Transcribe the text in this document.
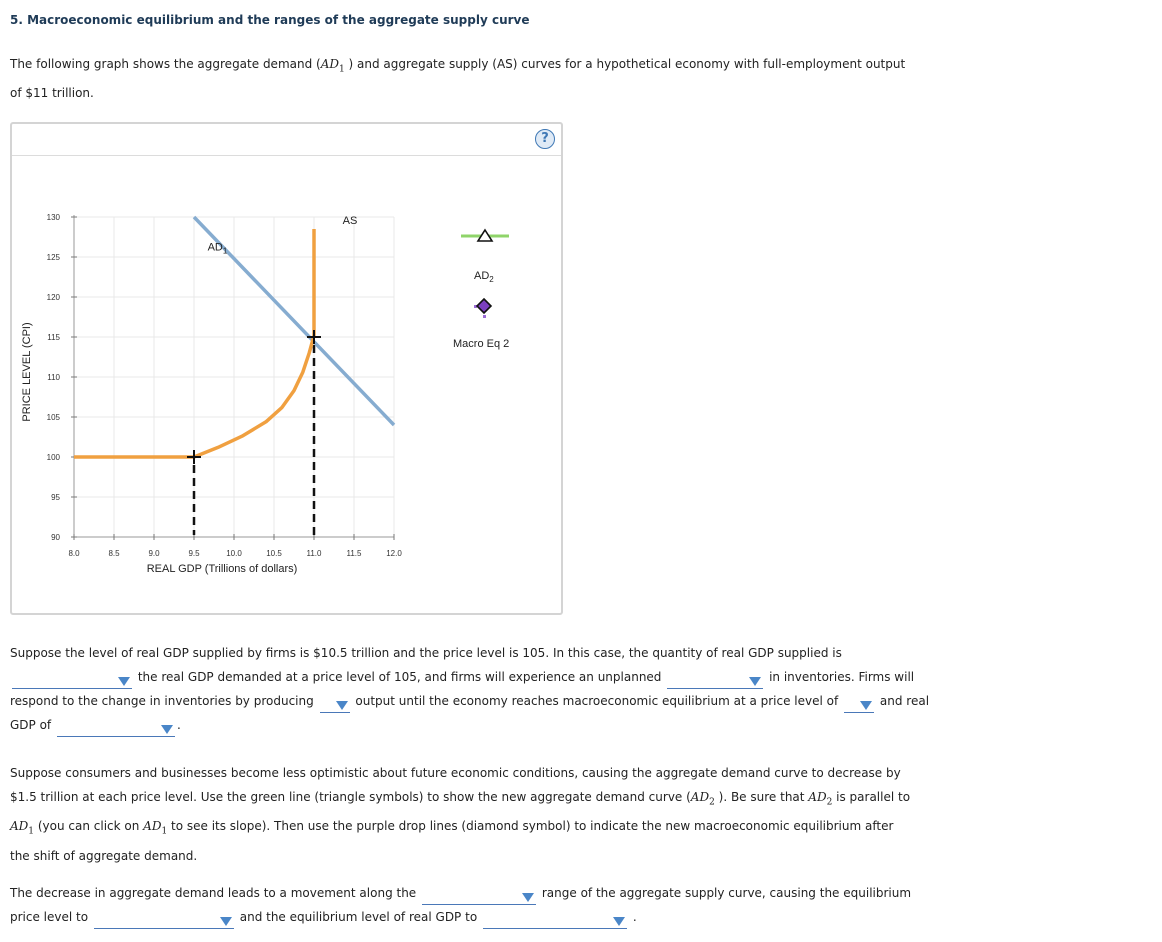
5. Macroeconomic equilibrium and the ranges of the aggregate supply curve
The following graph shows the aggregate demand ($AD_1$ ) and aggregate supply (AS) curves for a hypothetical economy with full-employment output
of $11 trillion.
?
8.0	8.5	9.0	9.5	10.0	10.5	11.0	11.5	12.0
90
95
100
105
110
115
120
125
130
REAL GDP (Trillions of dollars)
PRICE LEVEL (CPI)
$AD_1$
$AD_2$
Macro Eq 2
AS
Suppose the level of real GDP supplied by firms is $10.5 trillion and the price level is 105. In this case, the quantity of real GDP supplied is

the real GDP demanded at a price level of 105, and firms will experience an unplanned	in inventories. Firms will
respond to the change in inventories by producing	output until the economy reaches macroeconomic equilibrium at a price level of	and real
GDP of	.
Suppose consumers and businesses become less optimistic about future economic conditions, causing the aggregate demand curve to decrease by
$1.5 trillion at each price level. Use the green line (triangle symbols) to show the new aggregate demand curve ($AD_2$ ). Be sure that $AD_2$ is parallel to
$AD_1$ (you can click on $AD_1$ to see its slope). Then use the purple drop lines (diamond symbol) to indicate the new macroeconomic equilibrium after
the shift of aggregate demand.
The decrease in aggregate demand leads to a movement along the	range of the aggregate supply curve, causing the equilibrium
price level to	and the equilibrium level of real GDP to	.
